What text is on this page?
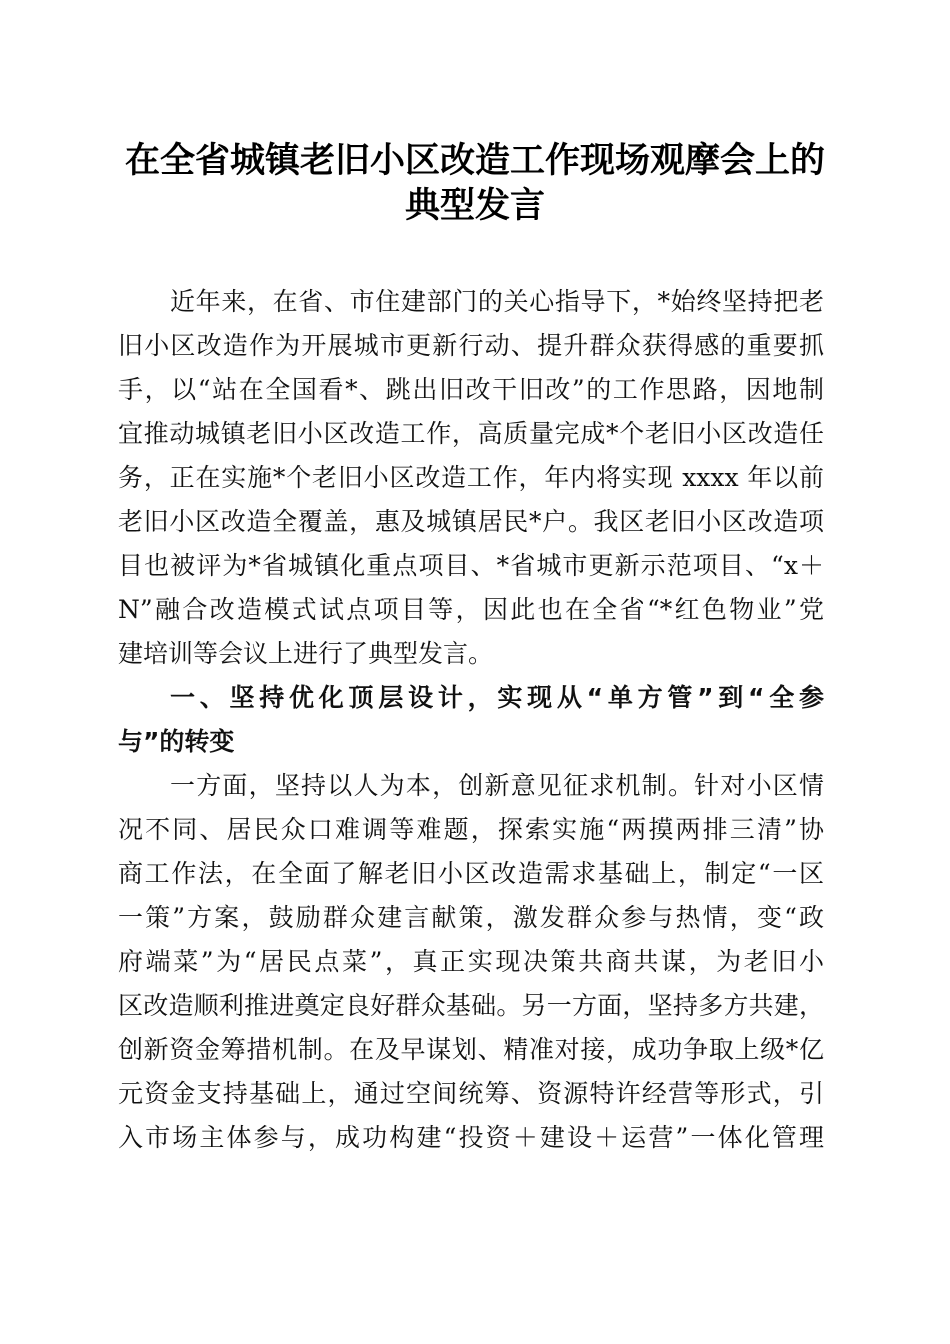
在全省城镇老旧小区改造工作现场观摩会上的
典型发言
近年来，在省、市住建部门的关心指导下，*始终坚持把老
旧小区改造作为开展城市更新行动、提升群众获得感的重要抓
手，以“站在全国看*、跳出旧改干旧改”的工作思路，因地制
宜推动城镇老旧小区改造工作，高质量完成*个老旧小区改造任
务，正在实施*个老旧小区改造工作，年内将实现 xxxx 年以前
老旧小区改造全覆盖，惠及城镇居民*户。我区老旧小区改造项
目也被评为*省城镇化重点项目、*省城市更新示范项目、“x＋
N”融合改造模式试点项目等，因此也在全省“*红色物业”党
建培训等会议上进行了典型发言。
一、坚持优化顶层设计，实现从“单方管”到“全参
与”的转变
一方面，坚持以人为本，创新意见征求机制。针对小区情
况不同、居民众口难调等难题，探索实施“两摸两排三清”协
商工作法，在全面了解老旧小区改造需求基础上，制定“一区
一策”方案，鼓励群众建言献策，激发群众参与热情，变“政
府端菜”为“居民点菜”，真正实现决策共商共谋，为老旧小
区改造顺利推进奠定良好群众基础。另一方面，坚持多方共建，
创新资金筹措机制。在及早谋划、精准对接，成功争取上级*亿
元资金支持基础上，通过空间统筹、资源特许经营等形式，引
入市场主体参与，成功构建“投资＋建设＋运营”一体化管理
